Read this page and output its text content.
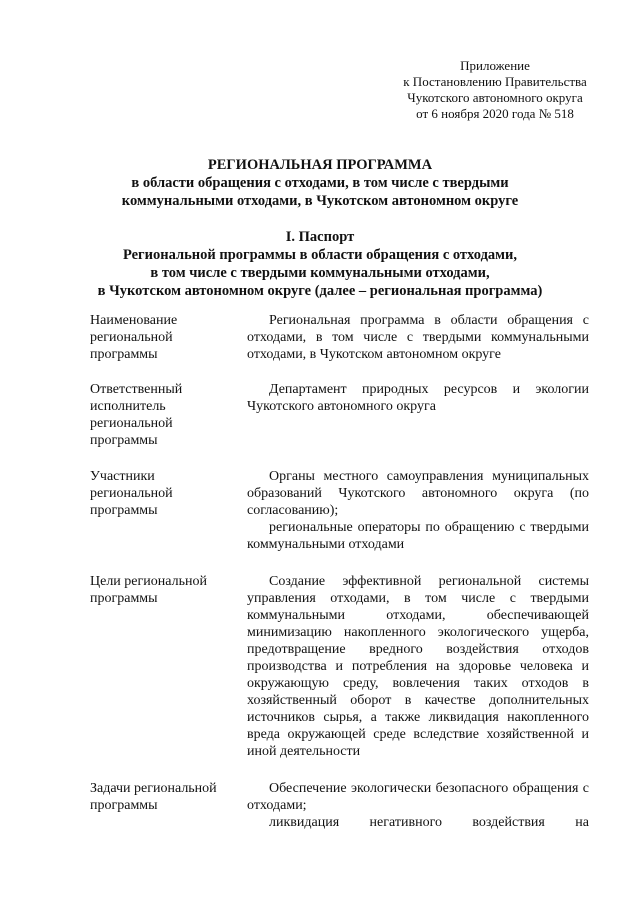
Приложение
к Постановлению Правительства
Чукотского автономного округа
от 6 ноября 2020 года № 518
РЕГИОНАЛЬНАЯ ПРОГРАММА
в области обращения с отходами, в том числе с твердыми
коммунальными отходами, в Чукотском автономном округе
I. Паспорт
Региональной программы в области обращения с отходами,
в том числе с твердыми коммунальными отходами,
в Чукотском автономном округе (далее – региональная программа)
Наименование
региональной
программы

Региональная программа в области обращения с отходами, в том числе с твердыми коммунальными отходами, в Чукотском автономном округе

Ответственный
исполнитель
региональной
программы

Департамент природных ресурсов и экологии Чукотского автономного округа

Участники
региональной
программы

Органы местного самоуправления муниципальных образований Чукотского автономного округа (по согласованию);

региональные операторы по обращению с твердыми коммунальными отходами

Цели региональной
программы

Создание эффективной региональной системы управления отходами, в том числе с твердыми коммунальными отходами, обеспечивающей минимизацию накопленного экологического ущерба, предотвращение вредного воздействия отходов производства и потребления на здоровье человека и окружающую среду, вовлечения таких отходов в хозяйственный оборот в качестве дополнительных источников сырья, а также ликвидация накопленного вреда окружающей среде вследствие хозяйственной и иной деятельности

Задачи региональной
программы

Обеспечение экологически безопасного обращения с отходами;

ликвидация негативного воздействия на
